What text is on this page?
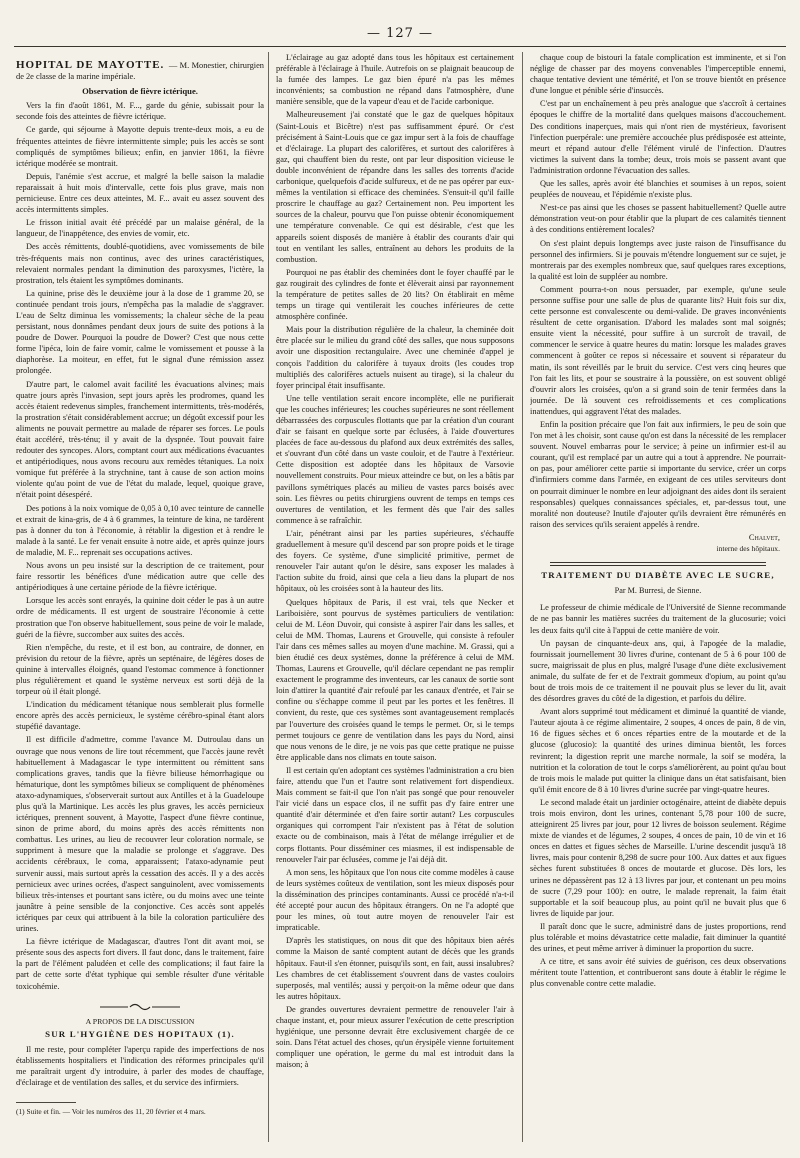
— 127 —

HOPITAL DE MAYOTTE. — M. Monestier, chirurgien de 2e classe de la marine impériale.

Observation de fièvre ictérique.

Vers la fin d'août 1861, M. F..., garde du génie, subissait pour la seconde fois des atteintes de fièvre ictérique.

Ce garde, qui séjourne à Mayotte depuis trente-deux mois, a eu de fréquentes atteintes de fièvre intermittente simple; puis les accès se sont compliqués de symptômes bilieux; enfin, en janvier 1861, la fièvre ictérique modérée se montrait.

Depuis, l'anémie s'est accrue, et malgré la belle saison la maladie reparaissait à huit mois d'intervalle, cette fois plus grave, mais non pernicieuse. Entre ces deux atteintes, M. F... avait eu assez souvent des accès intermittents simples.

Le frisson initial avait été précédé par un malaise général, de la langueur, de l'inappétence, des envies de vomir, etc.

Des accès rémittents, doublé-quotidiens, avec vomissements de bile très-fréquents mais non continus, avec des urines caractéristiques, relevaient normales pendant la diminution des paroxysmes, l'ictère, la prostration, tels étaient les symptômes dominants.

La quinine, prise dès le deuxième jour à la dose de 1 gramme 20, se continuée pendant trois jours, n'empêcha pas la maladie de s'aggraver. L'eau de Seltz diminua les vomissements; la chaleur sèche de la peau persistant, nous donnâmes pendant deux jours de suite des potions à la poudre de Dower. Pourquoi la poudre de Dower? C'est que nous cette forme l'ipéca, loin de faire vomir, calme le vomissement et pousse à la diaphorèse. La moiteur, en effet, fut le signal d'une rémission assez prolongée.

D'autre part, le calomel avait facilité les évacuations alvines; mais quatre jours après l'invasion, sept jours après les prodromes, quand les accès étaient redevenus simples, franchement intermittents, très-modérés, la prostration s'était considérablement accrue; un dégoût excessif pour les aliments ne pouvait permettre au malade de réparer ses forces. Le pouls était accéléré, très-ténu; il y avait de la dyspnée. Tout pouvait faire redouter des syncopes. Alors, comptant court aux médications évacuantes et antipériodiques, nous avons recouru aux remèdes tétaniques. La noix vomique fut préférée à la strychnine, tant à cause de son action moins violente qu'au point de vue de l'état du malade, lequel, quoique grave, n'était point désespéré.

Des potions à la noix vomique de 0,05 à 0,10 avec teinture de cannelle et extrait de kina-gris, de 4 à 6 grammes, la teinture de kina, ne tardèrent pas à donner du ton à l'économie, à rétablir la digestion et à rendre le malade à la santé. Le fer venait ensuite à notre aide, et après quinze jours de maladie, M. F... reprenait ses occupations actives.

Nous avons un peu insisté sur la description de ce traitement, pour faire ressortir les bénéfices d'une médication autre que celle des antipériodiques à une certaine période de la fièvre ictérique.

Lorsque les accès sont enrayés, la quinine doit céder le pas à un autre ordre de médicaments. Il est urgent de soustraire l'économie à cette prostration que l'on observe habituellement, sous peine de voir le malade, guéri de la fièvre, succomber aux suites des accès.

Rien n'empêche, du reste, et il est bon, au contraire, de donner, en prévision du retour de la fièvre, après un septénaire, de légères doses de quinine à intervalles éloignés, quand l'estomac commence à fonctionner plus régulièrement et quand le système nerveux est sorti déjà de la torpeur où il était plongé.

L'indication du médicament tétanique nous semblerait plus formelle encore après des accès pernicieux, le système cérébro-spinal étant alors stupéfié davantage.

Il est difficile d'admettre, comme l'avance M. Dutroulau dans un ouvrage que nous venons de lire tout récemment, que l'accès jaune revêt habituellement à Madagascar le type intermittent ou rémittent sans complications graves, tandis que la fièvre bilieuse hémorrhagique ou hématurique, dont les symptômes bilieux se compliquent de phénomènes ataxo-adynamiques, s'observerait surtout aux Antilles et à la Guadeloupe plus qu'à la Martinique. Les accès les plus graves, les accès pernicieux ictériques, prennent souvent, à Mayotte, l'aspect d'une fièvre continue, sinon de prime abord, du moins après des accès rémittents non combattus. Les urines, au lieu de recouvrer leur coloration normale, se suppriment à mesure que la maladie se prolonge et s'aggrave. Des accidents cérébraux, le coma, apparaissent; l'ataxo-adynamie peut survenir aussi, mais surtout après la cessation des accès. Il y a des accès pernicieux avec urines ocrées, d'aspect sanguinolent, avec vomissements bilieux très-intenses et pourtant sans ictère, ou du moins avec une teinte jaunâtre à peine sensible de la conjonctive. Ces accès sont appelés ictériques par ceux qui attribuent à la bile la coloration particulière des urines.

La fièvre ictérique de Madagascar, d'autres l'ont dit avant moi, se présente sous des aspects fort divers. Il faut donc, dans le traitement, faire la part de l'élément paludéen et celle des complications; il faut faire la part de cette sorte d'état typhique qui semble résulter d'une véritable toxicohémie.

A PROPOS DE LA DISCUSSION

SUR L'HYGIÈNE DES HOPITAUX (1).

Il me reste, pour compléter l'aperçu rapide des imperfections de nos établissements hospitaliers et l'indication des réformes principales qu'il me paraîtrait urgent d'y introduire, à parler des modes de chauffage, d'éclairage et de ventilation des salles, et du service des infirmiers.

(1) Suite et fin. — Voir les numéros des 11, 20 février et 4 mars.

L'éclairage au gaz adopté dans tous les hôpitaux est certainement préférable à l'éclairage à l'huile. Autrefois on se plaignait beaucoup de la fumée des lampes. Le gaz bien épuré n'a pas les mêmes inconvénients; sa combustion ne répand dans l'atmosphère, d'une manière sensible, que de la vapeur d'eau et de l'acide carbonique.

Malheureusement j'ai constaté que le gaz de quelques hôpitaux (Saint-Louis et Bicêtre) n'est pas suffisamment épuré. Or c'est précisément à Saint-Louis que ce gaz impur sert à la fois de chauffage et d'éclairage. La plupart des calorifères, et surtout des calorifères à gaz, qui chauffent bien du reste, ont par leur disposition vicieuse le double inconvénient de répandre dans les salles des torrents d'acide carbonique, quelquefois d'acide sulfureux, et de ne pas opérer par eux-mêmes la ventilation si efficace des cheminées. S'ensuit-il qu'il faille proscrire le chauffage au gaz? Certainement non. Peu importent les sources de la chaleur, pourvu que l'on puisse obtenir économiquement une température convenable. Ce qui est désirable, c'est que les appareils soient disposés de manière à établir des courants d'air qui tout en ventilant les salles, entraînent au dehors les produits de la combustion.

Pourquoi ne pas établir des cheminées dont le foyer chauffé par le gaz rougirait des cylindres de fonte et élèverait ainsi par rayonnement la température de petites salles de 20 lits? On établirait en même temps un tirage qui ventilerait les couches inférieures de cette atmosphère confinée.

Mais pour la distribution régulière de la chaleur, la cheminée doit être placée sur le milieu du grand côté des salles, que nous supposons avoir une disposition rectangulaire. Avec une cheminée d'appel je conçois l'addition du calorifère à tuyaux droits (les coudes trop multipliés des calorifères actuels nuisent au tirage), si la chaleur du foyer principal était insuffisante.

Une telle ventilation serait encore incomplète, elle ne purifierait que les couches inférieures; les couches supérieures ne sont réellement débarrassées des corpuscules flottants que par la création d'un courant d'air se faisant en quelque sorte par éclusées, à l'aide d'ouvertures placées de face au-dessous du plafond aux deux extrémités des salles, et s'ouvrant d'un côté dans un vaste couloir, et de l'autre à l'extérieur. Cette disposition est adoptée dans les hôpitaux de Varsovie nouvellement construits. Pour mieux atteindre ce but, on les a bâtis par pavillons symétriques placés au milieu de vastes parcs boisés avec soin. Les fièvres ou petits chirurgiens ouvrent de temps en temps ces ouvertures de ventilation, et les ferment dès que l'air des salles commence à se rafraîchir.

L'air, pénétrant ainsi par les parties supérieures, s'échauffe graduellement à mesure qu'il descend par son propre poids et le tirage des foyers. Ce système, d'une simplicité primitive, permet de renouveler l'air autant qu'on le désire, sans exposer les malades à l'action subite du froid, ainsi que cela a lieu dans la plupart de nos hôpitaux, où les croisées sont à la hauteur des lits.

Quelques hôpitaux de Paris, il est vrai, tels que Necker et Lariboisière, sont pourvus de systèmes particuliers de ventilation: celui de M. Léon Duvoir, qui consiste à aspirer l'air dans les salles, et celui de MM. Thomas, Laurens et Grouvelle, qui consiste à refouler l'air dans ces mêmes salles au moyen d'une machine. M. Grassi, qui a bien étudié ces deux systèmes, donne la préférence à celui de MM. Thomas, Laurens et Grouvelle, qu'il déclare cependant ne pas remplir exactement le programme des inventeurs, car les canaux de sortie sont loin d'attirer la quantité d'air refoulé par les canaux d'entrée, et l'air se confine ou s'échappe comme il peut par les portes et les fenêtres. Il convient, du reste, que ces systèmes sont avantageusement remplacés par l'ouverture des croisées quand le temps le permet. Or, si le temps permet toujours ce genre de ventilation dans les pays du Nord, ainsi que nous venons de le dire, je ne vois pas que cette pratique ne puisse être applicable dans nos climats en toute saison.

Il est certain qu'en adoptant ces systèmes l'administration a cru bien faire, attendu que l'un et l'autre sont relativement fort dispendieux. Mais comment se fait-il que l'on n'ait pas songé que pour renouveler l'air vicié dans un espace clos, il ne suffit pas d'y faire entrer une quantité d'air déterminée et d'en faire sortir autant? Les corpuscules organiques qui corrompent l'air n'existent pas à l'état de solution exacte ou de combinaison, mais à l'état de mélange irrégulier et de corps flottants. Pour disséminer ces miasmes, il est indispensable de renouveler l'air par éclusées, comme je l'ai déjà dit.

A mon sens, les hôpitaux que l'on nous cite comme modèles à cause de leurs systèmes coûteux de ventilation, sont les mieux disposés pour la dissémination des principes contaminants. Aussi ce procédé n'a-t-il été accepté pour aucun des hôpitaux étrangers. On ne l'a adopté que pour les mines, où tout autre moyen de renouveler l'air est impraticable.

D'après les statistiques, on nous dit que des hôpitaux bien aérés comme la Maison de santé comptent autant de décès que les grands hôpitaux. Faut-il s'en étonner, puisqu'ils sont, en fait, aussi insalubres? Les chambres de cet établissement s'ouvrent dans de vastes couloirs superposés, mal ventilés; aussi y perçoit-on la même odeur que dans les autres hôpitaux.

De grandes ouvertures devraient permettre de renouveler l'air à chaque instant, et, pour mieux assurer l'exécution de cette prescription hygiénique, une personne devrait être exclusivement chargée de ce soin. Dans l'état actuel des choses, qu'un érysipèle vienne fortuitement compliquer une opération, le germe du mal est introduit dans la maison; à

chaque coup de bistouri la fatale complication est imminente, et si l'on néglige de chasser par des moyens convenables l'imperceptible ennemi, chaque tentative devient une témérité, et l'on se trouve bientôt en présence d'une longue et pénible série d'insuccès.

C'est par un enchaînement à peu près analogue que s'accroît à certaines époques le chiffre de la mortalité dans quelques maisons d'accouchement. Des conditions inaperçues, mais qui n'ont rien de mystérieux, favorisent l'infection puerpérale: une première accouchée plus prédisposée est atteinte, meurt et répand autour d'elle l'élément virulé de l'infection. D'autres victimes la suivent dans la tombe; deux, trois mois se passent avant que l'administration ordonne l'évacuation des salles.

Que les salles, après avoir été blanchies et soumises à un repos, soient peuplées de nouveau, et l'épidémie n'existe plus.

N'est-ce pas ainsi que les choses se passent habituellement? Quelle autre démonstration veut-on pour établir que la plupart de ces calamités tiennent à des conditions entièrement locales?

On s'est plaint depuis longtemps avec juste raison de l'insuffisance du personnel des infirmiers. Si je pouvais m'étendre longuement sur ce sujet, je montrerais par des exemples nombreux que, sauf quelques rares exceptions, la qualité est loin de suppléer au nombre.

Comment pourra-t-on nous persuader, par exemple, qu'une seule personne suffise pour une salle de plus de quarante lits? Huit fois sur dix, cette personne est convalescente ou demi-valide. De graves inconvénients résultent de cette organisation. D'abord les malades sont mal soignés; ensuite vient la nécessité, pour suffire à un surcroît de travail, de commencer le service à quatre heures du matin: lorsque les malades graves commencent à goûter ce repos si nécessaire et souvent si réparateur du matin, ils sont réveillés par le bruit du service. C'est vers cinq heures que l'on fait les lits, et pour se soustraire à la poussière, on est souvent obligé d'ouvrir alors les croisées, qu'on a si grand soin de tenir fermées dans la journée. De là souvent ces refroidissements et ces complications inattendues, qui aggravent l'état des malades.

Enfin la position précaire que l'on fait aux infirmiers, le peu de soin que l'on met à les choisir, sont cause qu'on est dans la nécessité de les remplacer souvent. Nouvel embarras pour le service; à peine un infirmier est-il au courant, qu'il est remplacé par un autre qui a tout à apprendre. Ne pourrait-on pas, pour améliorer cette partie si importante du service, créer un corps d'infirmiers comme dans l'armée, en exigeant de ces utiles serviteurs dont on pourrait diminuer le nombre en leur adjoignant des aides dont ils seraient responsables) quelques connaissances spéciales, et, par-dessus tout, une moralité non douteuse? Inutile d'ajouter qu'ils devraient être rémunérés en raison des services qu'ils seraient appelés à rendre.

Chalvet,

interne des hôpitaux.

TRAITEMENT DU DIABÈTE AVEC LE SUCRE,

Par M. Burresi, de Sienne.

Le professeur de chimie médicale de l'Université de Sienne recommande de ne pas bannir les matières sucrées du traitement de la glucosurie; voici les deux faits qu'il cite à l'appui de cette manière de voir.

Un paysan de cinquante-deux ans, qui, à l'apogée de la maladie, fournissait journellement 30 livres d'urine, contenant de 5 à 6 pour 100 de sucre, maigrissait de plus en plus, malgré l'usage d'une diète exclusivement animale, du sulfate de fer et de l'extrait gommeux d'opium, au point qu'au bout de trois mois de ce traitement il ne pouvait plus se lever du lit, avait des désordres graves du côté de la digestion, et parfois du délire.

Avant alors supprimé tout médicament et diminué la quantité de viande, l'auteur ajouta à ce régime alimentaire, 2 soupes, 4 onces de pain, 8 de vin, 16 de figues sèches et 6 onces réparties entre de la moutarde et de la glucose (glucosio): la quantité des urines diminua bientôt, les forces revinrent; la digestion reprit une marche normale, la soif se modéra, la nutrition et la coloration de tout le corps s'améliorèrent, au point qu'au bout de trois mois le malade put quitter la clinique dans un état satisfaisant, bien qu'il émit encore de 8 à 10 livres d'urine sucrée par vingt-quatre heures.

Le second malade était un jardinier octogénaire, atteint de diabète depuis trois mois environ, dont les urines, contenant 5,78 pour 100 de sucre, atteignirent 25 livres par jour, pour 12 livres de boisson seulement. Régime mixte de viandes et de légumes, 2 soupes, 4 onces de pain, 10 de vin et 16 onces en dattes et figues sèches de Marseille. L'urine descendit jusqu'à 18 livres, mais pour contenir 8,298 de sucre pour 100. Aux dattes et aux figues sèches furent substituées 8 onces de moutarde et glucose. Dès lors, les urines ne dépassèrent pas 12 à 13 livres par jour, et contenant un peu moins de sucre (7,29 pour 100): en outre, le malade reprenait, la faim était supportable et la soif beaucoup plus, au point qu'il ne buvait plus que 6 livres de liquide par jour.

Il paraît donc que le sucre, administré dans de justes proportions, rend plus tolérable et moins dévastatrice cette maladie, fait diminuer la quantité des urines, et peut même arriver à diminuer la proportion du sucre.

A ce titre, et sans avoir été suivies de guérison, ces deux observations méritent toute l'attention, et contribueront sans doute à établir le régime le plus convenable contre cette maladie.
